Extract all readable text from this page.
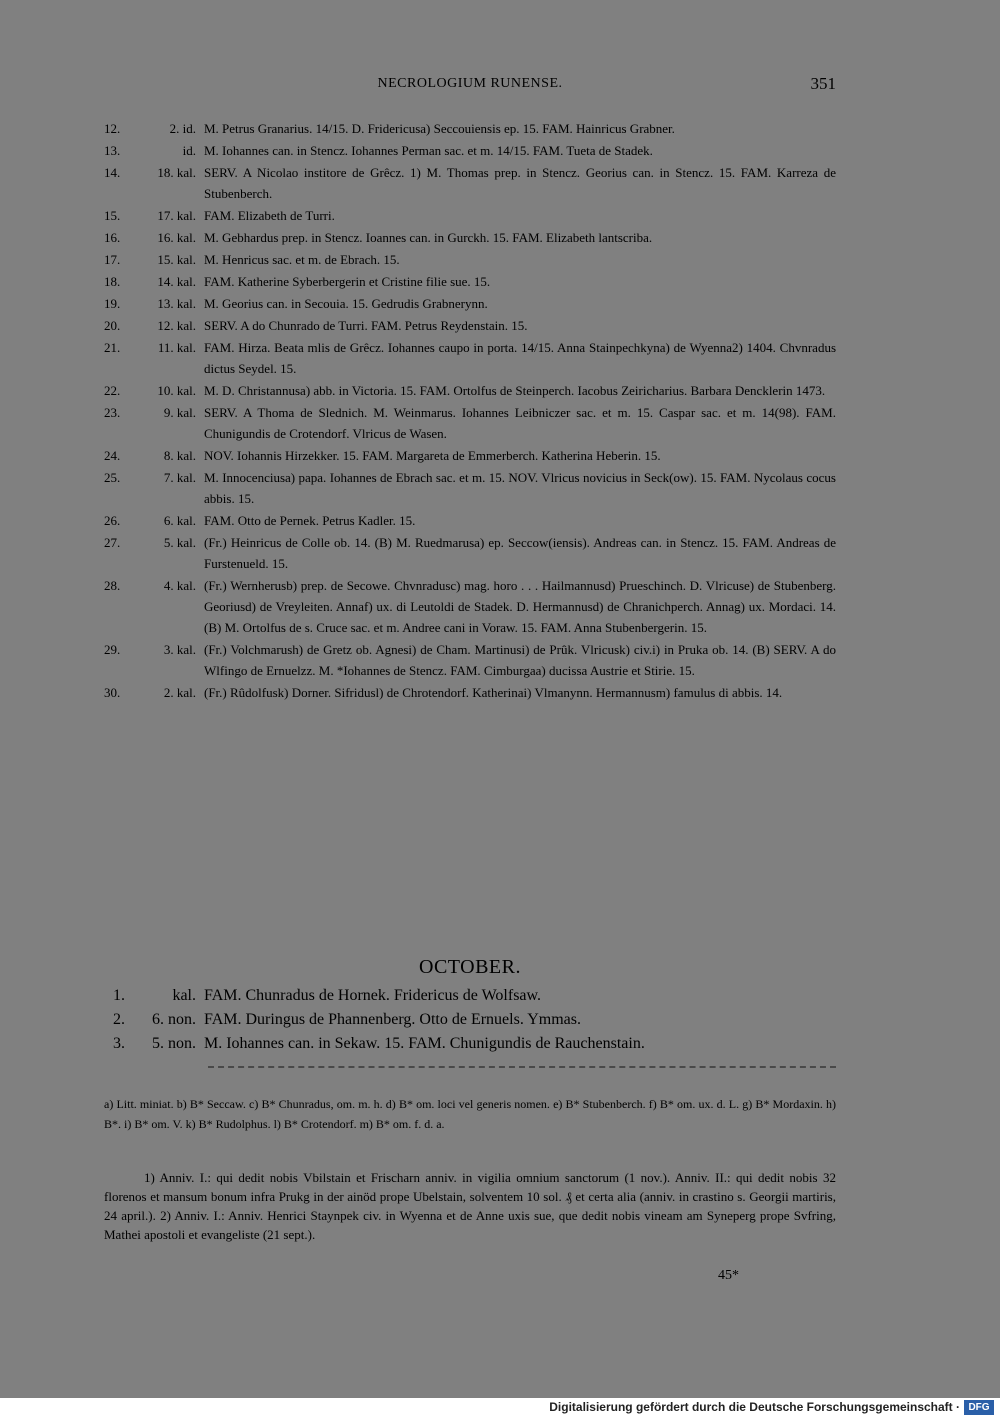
NECROLOGIUM RUNENSE.	351
12.	2. id. M. Petrus Granarius. 14/15. D. Fridericusa) Seccouiensis ep. 15. FAM. Hainricus Grabner.
13.	id. M. Iohannes can. in Stencz. Iohannes Perman sac. et m. 14/15. FAM. Tueta de Stadek.
14.	18. kal. SERV. A Nicolao institore de Grêcz. 1) M. Thomas prep. in Stencz. Georius can. in Stencz. 15. FAM. Karreza de Stubenberch.
15.	17. kal. FAM. Elizabeth de Turri.
16.	16. kal. M. Gebhardus prep. in Stencz. Ioannes can. in Gurckh. 15. FAM. Elizabeth lantscriba.
17.	15. kal. M. Henricus sac. et m. de Ebrach. 15.
18.	14. kal. FAM. Katherine Syberbergerin et Cristine filie sue. 15.
19.	13. kal. M. Georius can. in Secouia. 15. Gedrudis Grabnerynn.
20.	12. kal. SERV. A do Chunrado de Turri. FAM. Petrus Reydenstain. 15.
21.	11. kal. FAM. Hirza. Beata mlis de Grêcz. Iohannes caupo in porta. 14/15. Anna Stainpechkyna) de Wyenna2) 1404. Chvnradus dictus Seydel. 15.
22.	10. kal. M. D. Christannusa) abb. in Victoria. 15. FAM. Ortolfus de Steinperch. Iacobus Zeiricharius. Barbara Dencklerin 1473.
23.	9. kal. SERV. A Thoma de Slednich. M. Weinmarus. Iohannes Leibniczer sac. et m. 15. Caspar sac. et m. 14(98). FAM. Chunigundis de Crotendorf. Vlricus de Wasen.
24.	8. kal. NOV. Iohannis Hirzekker. 15. FAM. Margareta de Emmerberch. Katherina Heberin. 15.
25.	7. kal. M. Innocenciusa) papa. Iohannes de Ebrach sac. et m. 15. NOV. Vlricus novicius in Seck(ow). 15. FAM. Nycolaus cocus abbis. 15.
26.	6. kal. FAM. Otto de Pernek. Petrus Kadler. 15.
27.	5. kal. (Fr.) Heinricus de Colle ob. 14. (B) M. Ruedmarusa) ep. Seccow(iensis). Andreas can. in Stencz. 15. FAM. Andreas de Furstenueld. 15.
28.	4. kal. (Fr.) Wernherusb) prep. de Secowe. Chvnradusc) mag. horo . . . Hailmannusd) Prueschinch. D. Vlricuse) de Stubenberg. Georiusd) de Vreyleiten. Annaf) ux. di Leutoldi de Stadek. D. Hermannusd) de Chranichperch. Annag) ux. Mordaci. 14. (B) M. Ortolfus de s. Cruce sac. et m. Andree cani in Voraw. 15. FAM. Anna Stubenbergerin. 15.
29.	3. kal. (Fr.) Volchmarush) de Gretz ob. Agnesi) de Cham. Martinusi) de Prûk. Vlricusk) civ.i) in Pruka ob. 14. (B) SERV. A do Wlfingo de Ernuelzz. M. *Iohannes de Stencz. FAM. Cimburgaa) ducissa Austrie et Stirie. 15.
30.	2. kal. (Fr.) Rûdolfusk) Dorner. Sifridusl) de Chrotendorf. Katherinai) Vlmanynn. Hermannusm) famulus di abbis. 14.
OCTOBER.
1.	kal. FAM. Chunradus de Hornek. Fridericus de Wolfsaw.
2.	6. non. FAM. Duringus de Phannenberg. Otto de Ernuels. Ymmas.
3.	5. non. M. Iohannes can. in Sekaw. 15. FAM. Chunigundis de Rauchenstain.
a) Litt. miniat. b) B* Seccaw. c) B* Chunradus, om. m. h. d) B* om. loci vel generis nomen. e) B* Stubenberch. f) B* om. ux. d. L. g) B* Mordaxin. h) B*. i) B* om. V. k) B* Rudolphus. l) B* Crotendorf. m) B* om. f. d. a.
1) Anniv. I.: qui dedit nobis Vbilstain et Frischarn anniv. in vigilia omnium sanctorum (1 nov.). Anniv. II.: qui dedit nobis 32 florenos et mansum bonum infra Prukg in der ainöd prope Ubelstain, solventem 10 sol. ₰ et certa alia (anniv. in crastino s. Georgii martiris, 24 april.). 2) Anniv. I.: Anniv. Henrici Staynpek civ. in Wyenna et de Anne uxis sue, que dedit nobis vineam am Syneperg prope Svfring, Mathei apostoli et evangeliste (21 sept.).
45*
Digitalisierung gefördert durch die Deutsche Forschungsgemeinschaft · DFG
